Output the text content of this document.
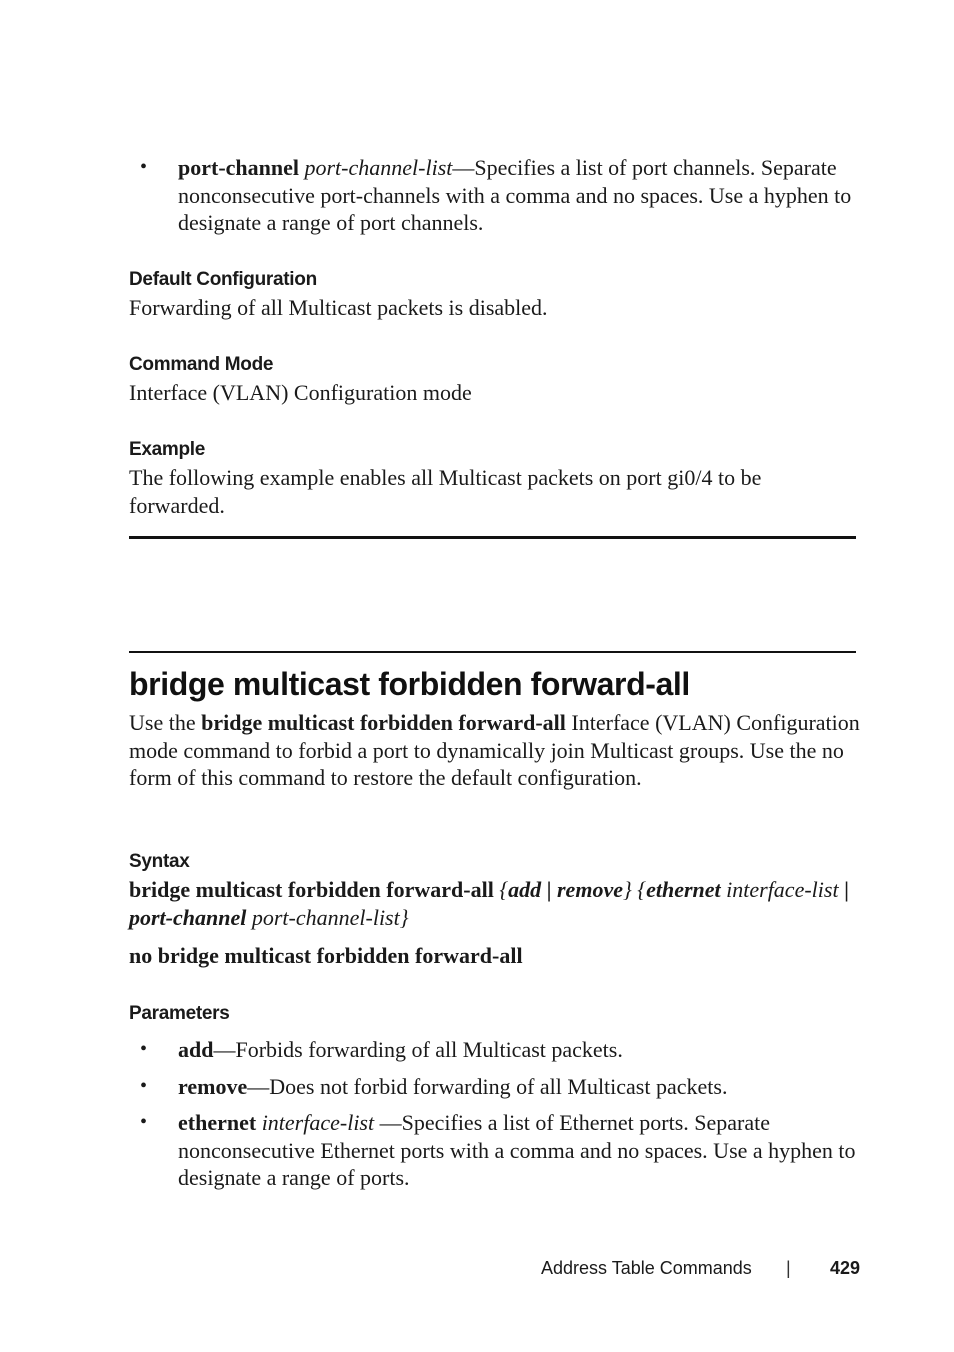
• port-channel port-channel-list—Specifies a list of port channels. Separate nonconsecutive port-channels with a comma and no spaces. Use a hyphen to designate a range of port channels.
Default Configuration
Forwarding of all Multicast packets is disabled.
Command Mode
Interface (VLAN) Configuration mode
Example
The following example enables all Multicast packets on port gi0/4 to be forwarded.
bridge multicast forbidden forward-all
Use the bridge multicast forbidden forward-all Interface (VLAN) Configuration mode command to forbid a port to dynamically join Multicast groups. Use the no form of this command to restore the default configuration.
Syntax
bridge multicast forbidden forward-all {add | remove} {ethernet interface-list | port-channel port-channel-list}
no bridge multicast forbidden forward-all
Parameters
• add—Forbids forwarding of all Multicast packets.
• remove—Does not forbid forwarding of all Multicast packets.
• ethernet interface-list —Specifies a list of Ethernet ports. Separate nonconsecutive Ethernet ports with a comma and no spaces. Use a hyphen to designate a range of ports.
Address Table Commands | 429
